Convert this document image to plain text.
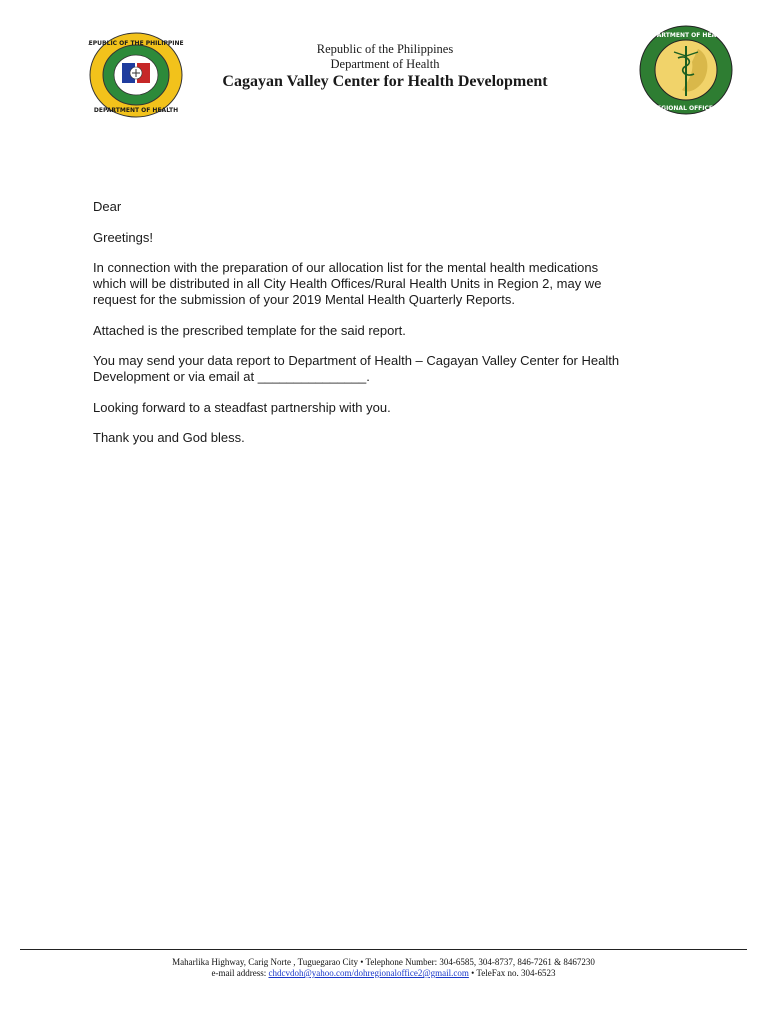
REPUBLIC OF THE PHILIPPINES
DEPARTMENT OF HEALTH
Republic of the Philippines
Department of Health
Cagayan Valley Center for Health Development
DEPARTMENT OF HEALTH
REGIONAL OFFICE II

Dear

Greetings!

In connection with the preparation of our allocation list for the mental health medications

which will be distributed in all City Health Offices/Rural Health Units in Region 2, may we

request for the submission of your 2019 Mental Health Quarterly Reports.

Attached is the prescribed template for the said report.

You may send your data report to Department of Health – Cagayan Valley Center for Health

Development or via email at _______________.

Looking forward to a steadfast partnership with you.

Thank you and God bless.

Maharlika Highway, Carig Norte , Tuguegarao City • Telephone Number: 304-6585, 304-8737, 846-7261 & 8467230
e-mail address: chdcvdoh@yahoo.com/dohregionaloffice2@gmail.com • TeleFax no. 304-6523
